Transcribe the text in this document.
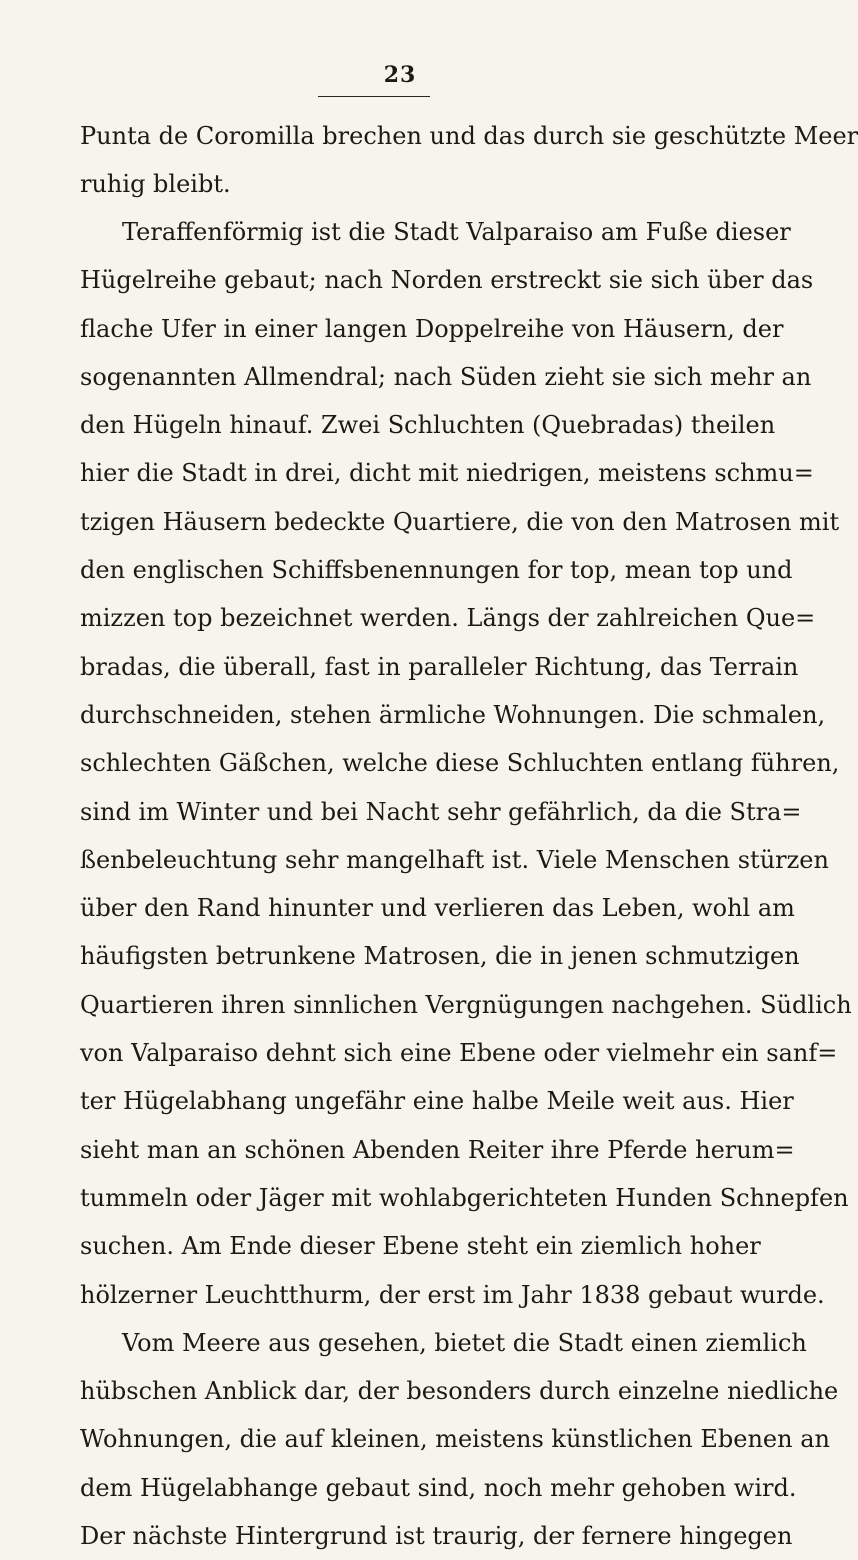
23
Punta de Coromilla brechen und das durch sie geschützte Meer
ruhig bleibt.
Teraffenförmig ist die Stadt Valparaiso am Fuße dieser
Hügelreihe gebaut; nach Norden erstreckt sie sich über das
flache Ufer in einer langen Doppelreihe von Häusern, der
sogenannten Allmendral; nach Süden zieht sie sich mehr an
den Hügeln hinauf. Zwei Schluchten (Quebradas) theilen
hier die Stadt in drei, dicht mit niedrigen, meistens schmu=
tzigen Häusern bedeckte Quartiere, die von den Matrosen mit
den englischen Schiffsbenennungen for top, mean top und
mizzen top bezeichnet werden. Längs der zahlreichen Que=
bradas, die überall, fast in paralleler Richtung, das Terrain
durchschneiden, stehen ärmliche Wohnungen. Die schmalen,
schlechten Gäßchen, welche diese Schluchten entlang führen,
sind im Winter und bei Nacht sehr gefährlich, da die Stra=
ßenbeleuchtung sehr mangelhaft ist. Viele Menschen stürzen
über den Rand hinunter und verlieren das Leben, wohl am
häufigsten betrunkene Matrosen, die in jenen schmutzigen
Quartieren ihren sinnlichen Vergnügungen nachgehen. Südlich
von Valparaiso dehnt sich eine Ebene oder vielmehr ein sanf=
ter Hügelabhang ungefähr eine halbe Meile weit aus. Hier
sieht man an schönen Abenden Reiter ihre Pferde herum=
tummeln oder Jäger mit wohlabgerichteten Hunden Schnepfen
suchen. Am Ende dieser Ebene steht ein ziemlich hoher
hölzerner Leuchtthurm, der erst im Jahr 1838 gebaut wurde.
Vom Meere aus gesehen, bietet die Stadt einen ziemlich
hübschen Anblick dar, der besonders durch einzelne niedliche
Wohnungen, die auf kleinen, meistens künstlichen Ebenen an
dem Hügelabhange gebaut sind, noch mehr gehoben wird.
Der nächste Hintergrund ist traurig, der fernere hingegen
